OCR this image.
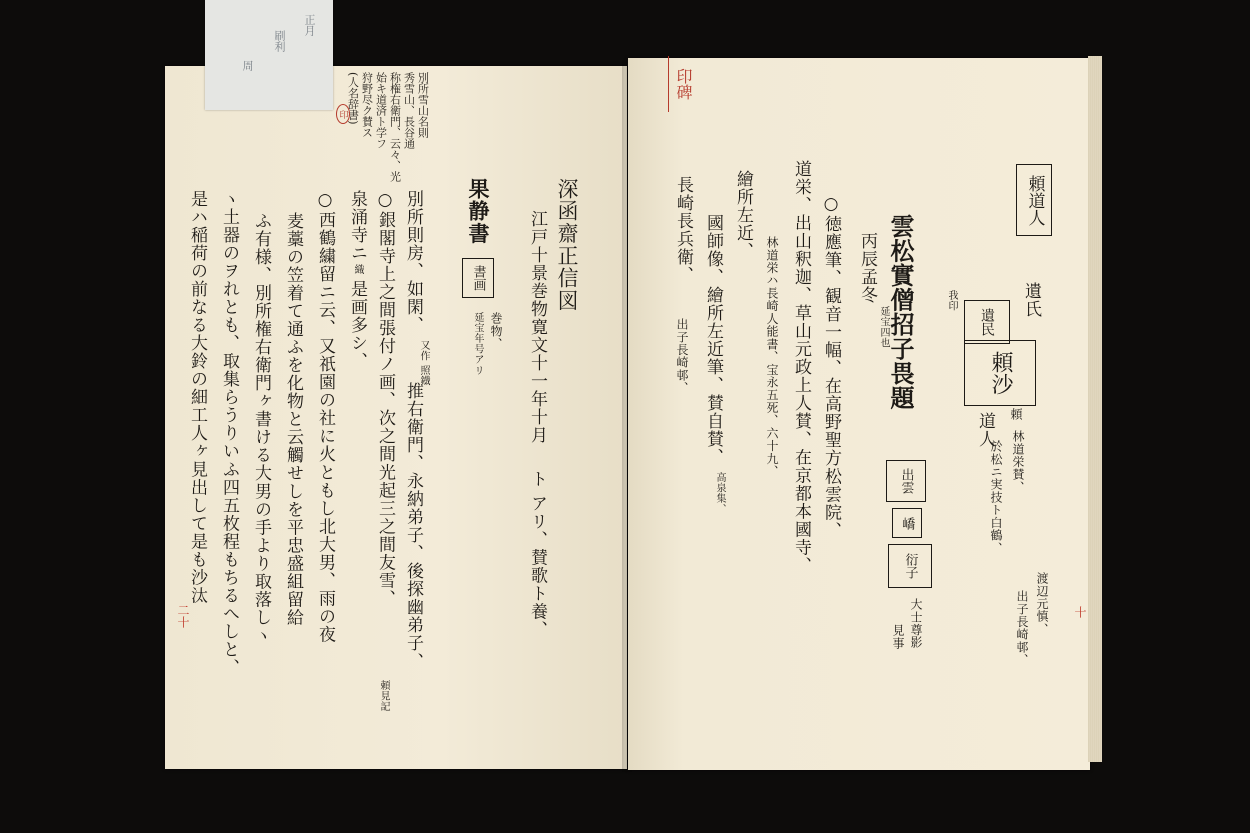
正月
刷利
周
別所雪山名則
秀雪山、長谷通
称権右衛門、云々、光
始キ道済ト学フ
狩野尽ク賛ス
(人名辞書)
印
深函齋正信図
江戸十景巻物寛文十一年十月
ト アリ、賛歌ト養、
果静書
書画
巻物、
延宝年号アリ
別所則房、如閑、
又作 照鐡
推右衛門、永納弟子、後探幽弟子、
○銀閣寺上之間張付ノ画、次之間光起三之間友雪、
頼見記
泉涌寺ニ
織
是画多シ、
○西鶴繍留ニ云、又祇園の社に火ともし北大男、雨の夜
麦藁の笠着て通ふを化物と云觸せしを平忠盛組留給
ふ有様、別所権右衛門ヶ書ける大男の手より取落しヽ
ヽ土器のヲれとも、取集らうりいふ四五枚程もちるへしと、
是ハ稲荷の前なる大鈴の細工人ヶ見出して是も沙汰
二十
印碑
頼道人
遺氏
我印
遺民
頼沙
道人 頼
林道栄賛、
於松ニ実技ト白鶴、
渡辺元慎、
出子長崎邨、
雲松實僧招子畏題
丙辰孟冬
延宝四也
出雲
嶠
衍子
大士尊影
見事
○徳應筆、観音一幅、在高野聖方松雲院、
道栄、出山釈迦、草山元政上人賛、在京都本國寺、
林道栄ハ長崎人能書、宝永五死、六十九、
繪所左近、
國師像、繪所左近筆、賛自賛、
高泉集、
長崎長兵衛、
出子長崎邨、
十
